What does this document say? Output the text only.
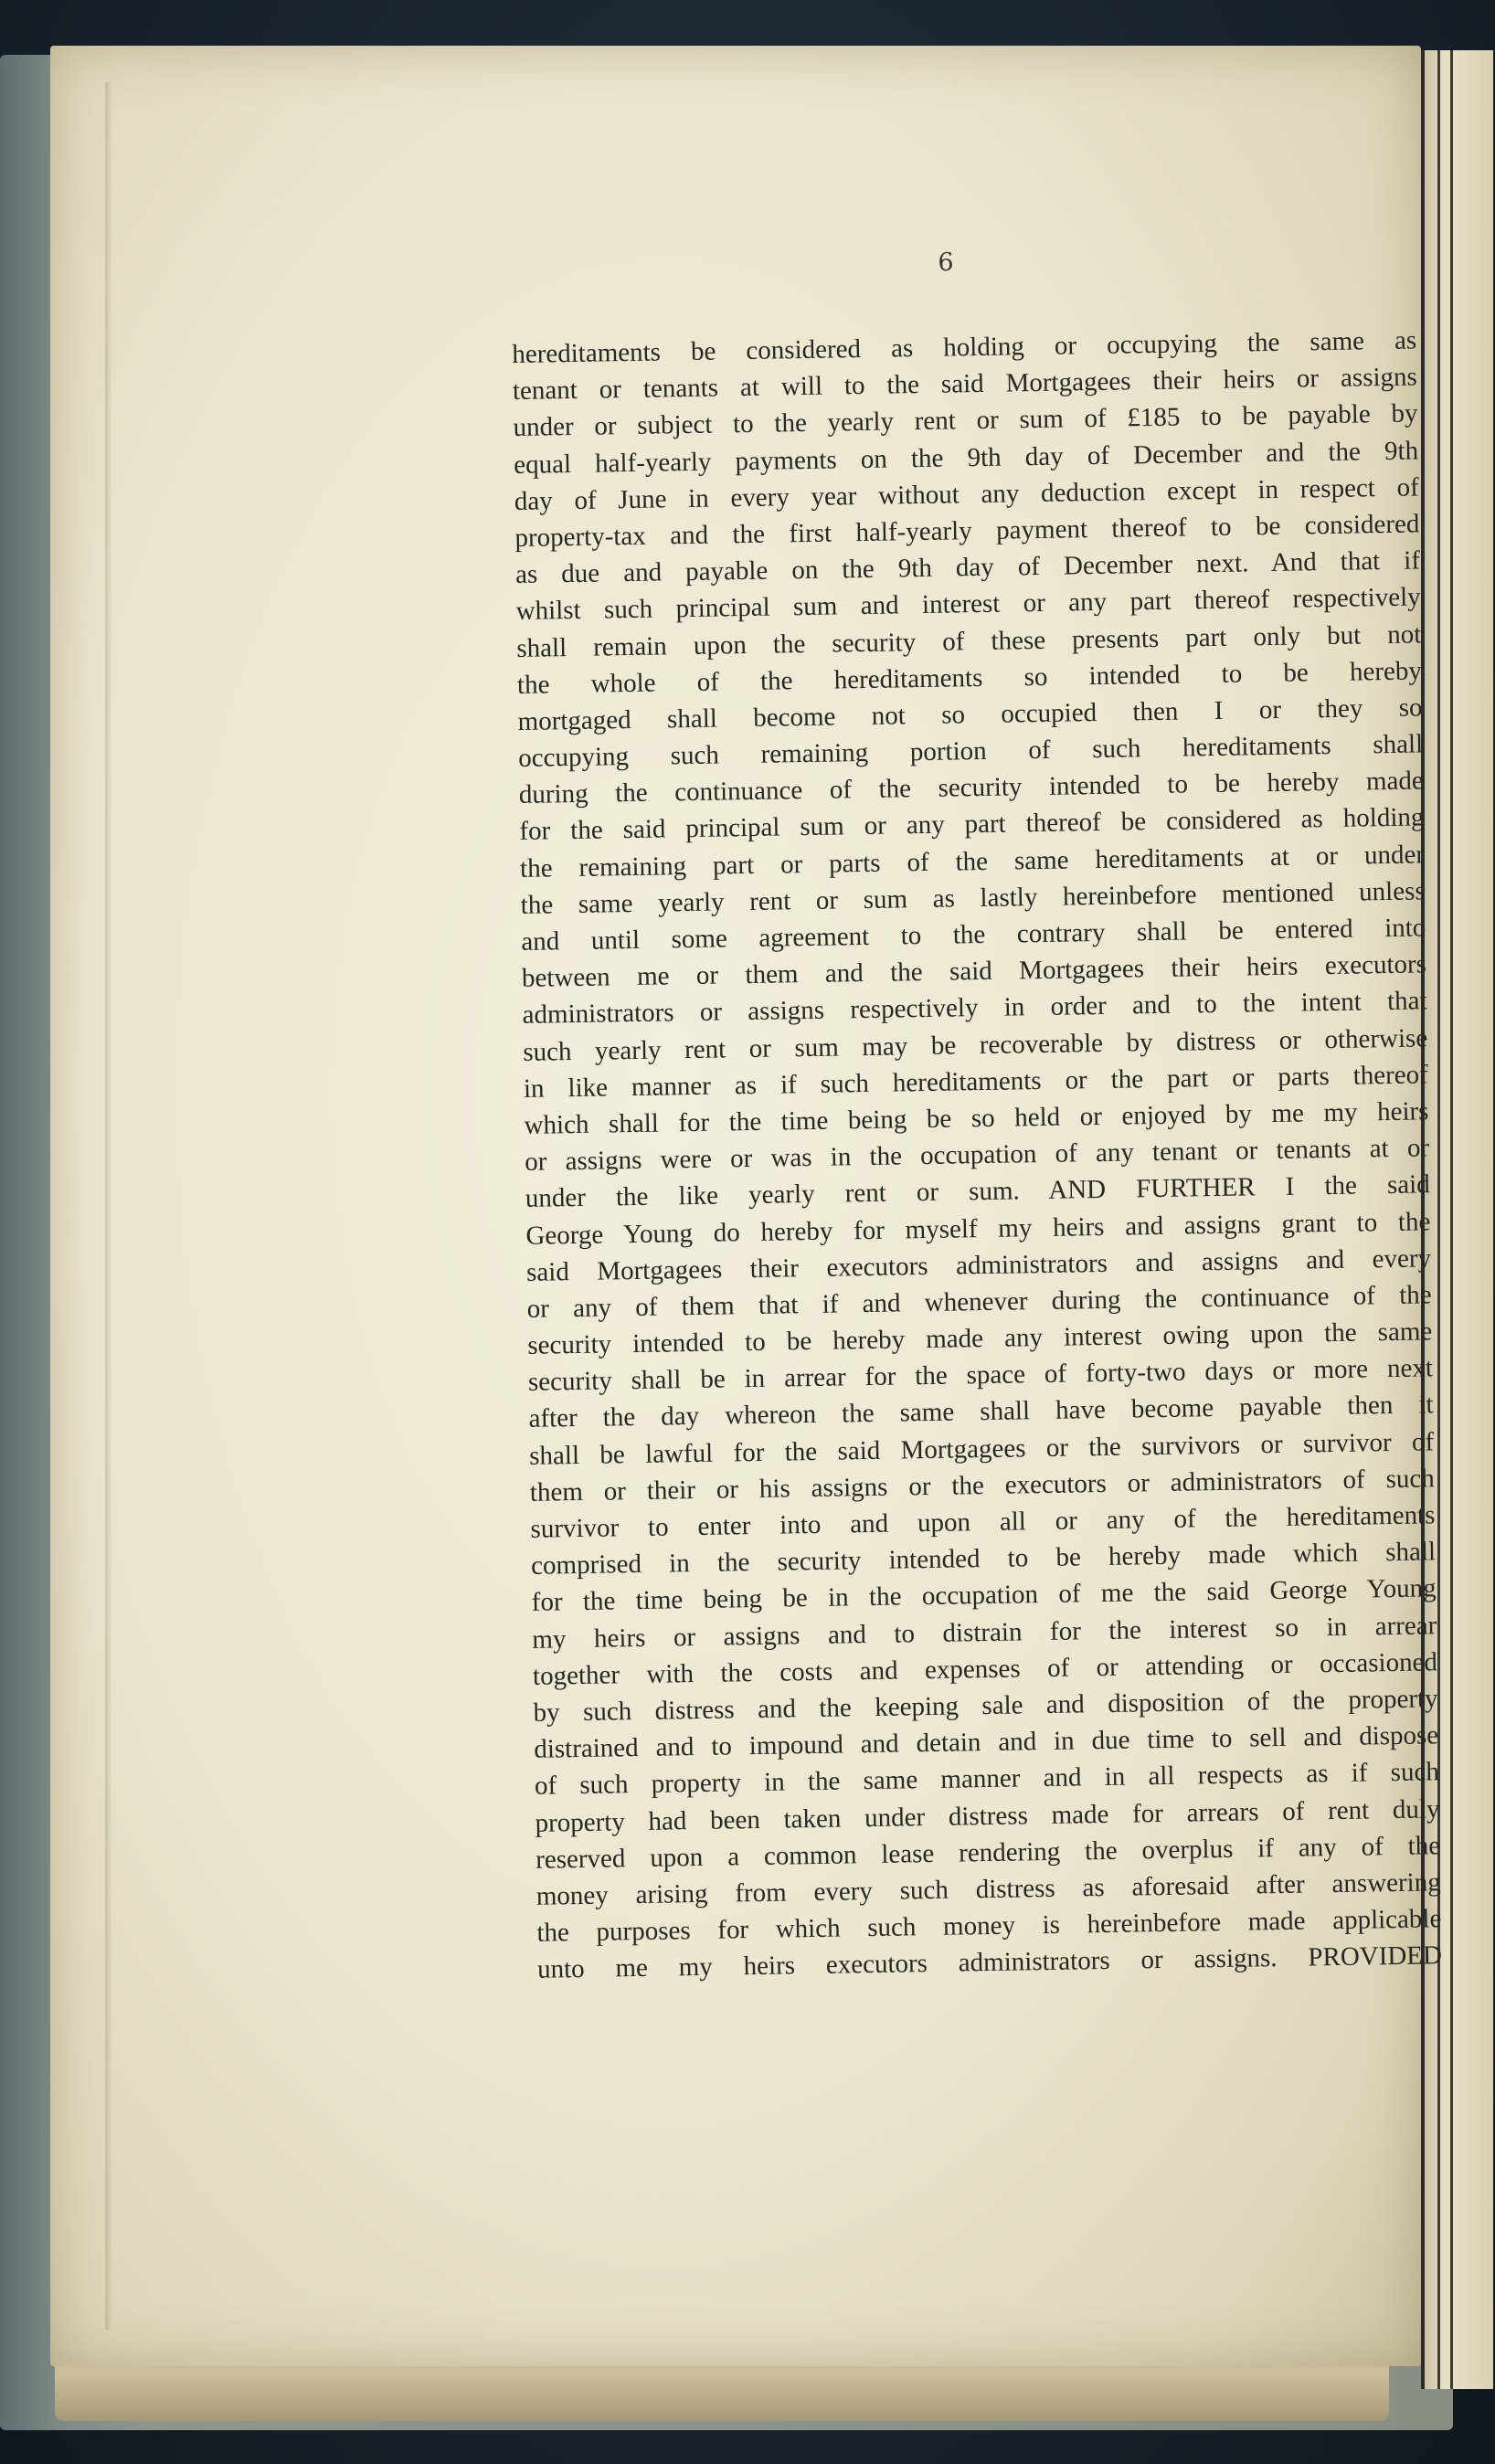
6
hereditaments be considered as holding or occupying the same as
tenant or tenants at will to the said Mortgagees their heirs or assigns
under or subject to the yearly rent or sum of £185 to be payable by
equal half-yearly payments on the 9th day of December and the 9th
day of June in every year without any deduction except in respect of
property-tax and the first half-yearly payment thereof to be considered
as due and payable on the 9th day of December next. And that if
whilst such principal sum and interest or any part thereof respectively
shall remain upon the security of these presents part only but not
the whole of the hereditaments so intended to be hereby
mortgaged shall become not so occupied then I or they so
occupying such remaining portion of such hereditaments shall
during the continuance of the security intended to be hereby made
for the said principal sum or any part thereof be considered as holding
the remaining part or parts of the same hereditaments at or under
the same yearly rent or sum as lastly hereinbefore mentioned unless
and until some agreement to the contrary shall be entered into
between me or them and the said Mortgagees their heirs executors
administrators or assigns respectively in order and to the intent that
such yearly rent or sum may be recoverable by distress or otherwise
in like manner as if such hereditaments or the part or parts thereof
which shall for the time being be so held or enjoyed by me my heirs
or assigns were or was in the occupation of any tenant or tenants at or
under the like yearly rent or sum. AND FURTHER I the said
George Young do hereby for myself my heirs and assigns grant to the
said Mortgagees their executors administrators and assigns and every
or any of them that if and whenever during the continuance of the
security intended to be hereby made any interest owing upon the same
security shall be in arrear for the space of forty-two days or more next
after the day whereon the same shall have become payable then it
shall be lawful for the said Mortgagees or the survivors or survivor of
them or their or his assigns or the executors or administrators of such
survivor to enter into and upon all or any of the hereditaments
comprised in the security intended to be hereby made which shall
for the time being be in the occupation of me the said George Young
my heirs or assigns and to distrain for the interest so in arrear
together with the costs and expenses of or attending or occasioned
by such distress and the keeping sale and disposition of the property
distrained and to impound and detain and in due time to sell and dispose
of such property in the same manner and in all respects as if such
property had been taken under distress made for arrears of rent duly
reserved upon a common lease rendering the overplus if any of the
money arising from every such distress as aforesaid after answering
the purposes for which such money is hereinbefore made applicable
unto me my heirs executors administrators or assigns. PROVIDED
